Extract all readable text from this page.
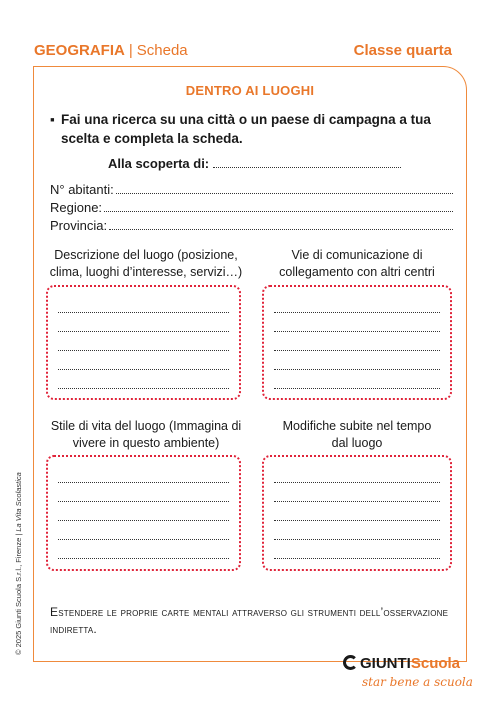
GEOGRAFIA | Scheda	Classe quarta
DENTRO AI LUOGHI
▪ Fai una ricerca su una città o un paese di campagna a tua scelta e completa la scheda.
Alla scoperta di:
N° abitanti:
Regione:
Provincia:
Descrizione del luogo (posizione, clima, luoghi d’interesse, servizi…)
Vie di comunicazione di collegamento con altri centri
Stile di vita del luogo (Immagina di vivere in questo ambiente)
Modifiche subite nel tempo dal luogo
Estendere le proprie carte mentali attraverso gli strumenti dell’osservazione indiretta.
© 2025 Giunti Scuola S.r.l., Firenze | La Vita Scolastica
GIUNTIScuola
star bene a scuola
